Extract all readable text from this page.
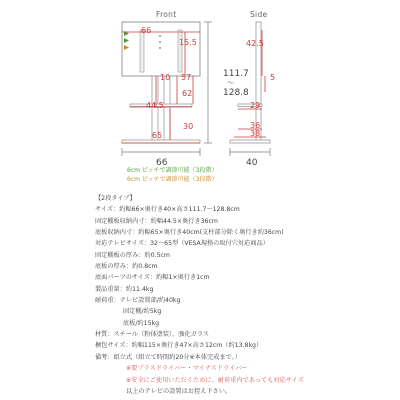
Front	Side
66
15.5
10 57
62
44.5
30
65
66
111.7
〜
128.8
42.5
5
29
36
38
40
6cm ピッチで調節可能（3段階）
6cm ピッチで調節可能（3段階）
【2段タイプ】
サイズ：約幅66×奥行き40×高さ111.7〜128.8cm
固定棚板収納内寸：約幅44.5×奥行き36cm
底板収納内寸：約幅65×奥行き40cm(支柱部分除く奥行き約36cm)
対応テレビサイズ：32〜65型（VESA規格の取付穴対応商品）
固定棚板の厚み：約0.5cm
底板の厚み：約0.8cm
底面パーツのサイズ：約幅1×奥行き1cm
製品重量：約11.4kg
耐荷重：テレビ設置部/約40kg
固定棚/約5kg
底板/約15kg
材質：スチール（粉体塗装）、強化ガラス
梱包サイズ：約幅115×奥行き47×高さ12cm（約13.8kg）
備考：組立式（組立て時間約20分※本体完成まで。）
※要プラスドライバー・マイナスドライバー
※安全にご使用いただくために、耐荷重内であっても対応サイズ
以上のテレビの設置はお控え下さい。
